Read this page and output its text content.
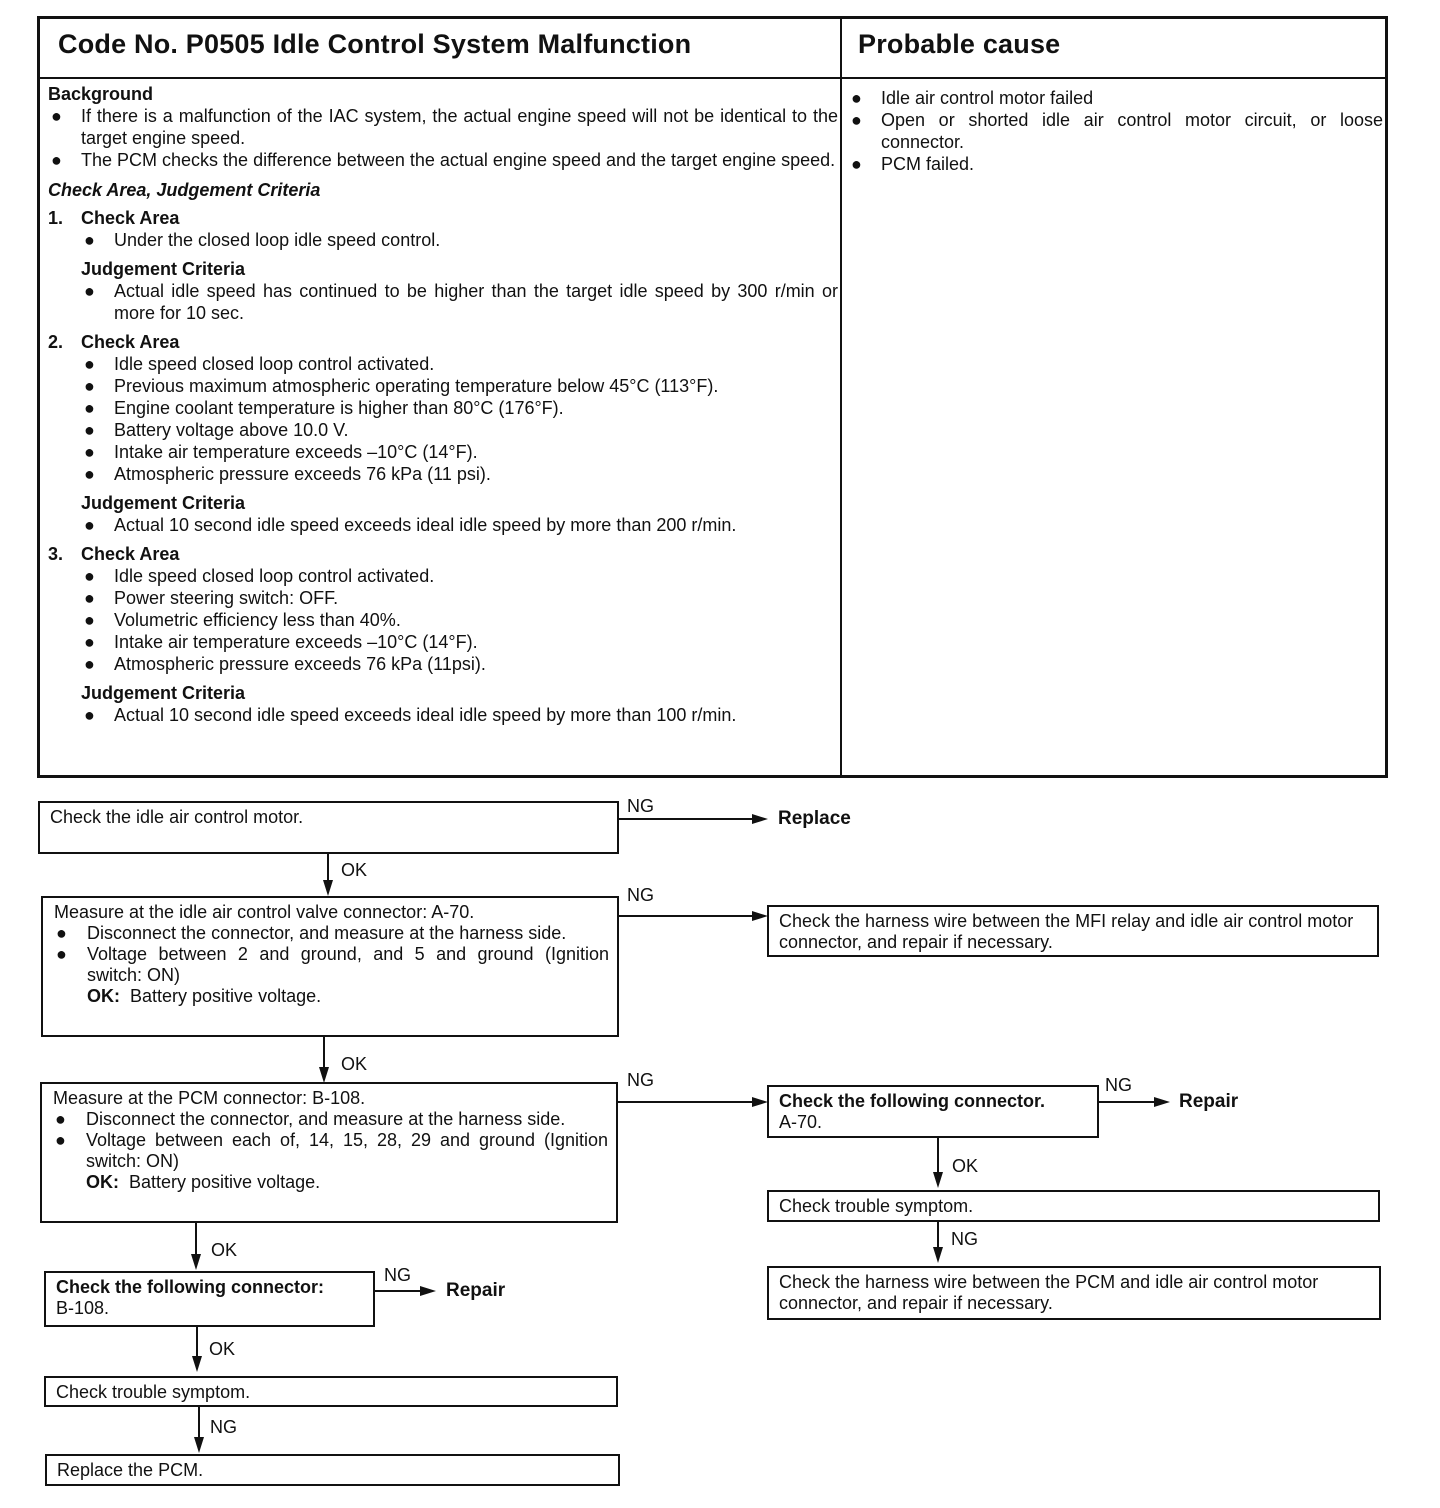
Code No. P0505 Idle Control System Malfunction	Probable cause
Background
● If there is a malfunction of the IAC system, the actual engine speed will not be identical to the target engine speed.
● The PCM checks the difference between the actual engine speed and the target engine speed.
Check Area, Judgement Criteria
1. Check Area
● Under the closed loop idle speed control.
Judgement Criteria
● Actual idle speed has continued to be higher than the target idle speed by 300 r/min or more for 10 sec.
2. Check Area
● Idle speed closed loop control activated.
● Previous maximum atmospheric operating temperature below 45°C (113°F).
● Engine coolant temperature is higher than 80°C (176°F).
● Battery voltage above 10.0 V.
● Intake air temperature exceeds –10°C (14°F).
● Atmospheric pressure exceeds 76 kPa (11 psi).
Judgement Criteria
● Actual 10 second idle speed exceeds ideal idle speed by more than 200 r/min.
3. Check Area
● Idle speed closed loop control activated.
● Power steering switch: OFF.
● Volumetric efficiency less than 40%.
● Intake air temperature exceeds –10°C (14°F).
● Atmospheric pressure exceeds 76 kPa (11psi).
Judgement Criteria
● Actual 10 second idle speed exceeds ideal idle speed by more than 100 r/min.
● Idle air control motor failed
● Open or shorted idle air control motor circuit, or loose connector.
● PCM failed.
Check the idle air control motor.
NG
Replace
OK
Measure at the idle air control valve connector: A-70.
● Disconnect the connector, and measure at the harness side.
● Voltage between 2 and ground, and 5 and ground (Ignition switch: ON)
OK: Battery positive voltage.
NG
Check the harness wire between the MFI relay and idle air control motor connector, and repair if necessary.
OK
Measure at the PCM connector: B-108.
● Disconnect the connector, and measure at the harness side.
● Voltage between each of, 14, 15, 28, 29 and ground (Ignition switch: ON)
OK: Battery positive voltage.
NG
Check the following connector.
A-70.
NG
Repair
OK
Check trouble symptom.
NG
Check the harness wire between the PCM and idle air control motor connector, and repair if necessary.
OK
Check the following connector:
B-108.
NG
Repair
OK
Check trouble symptom.
NG
Replace the PCM.
